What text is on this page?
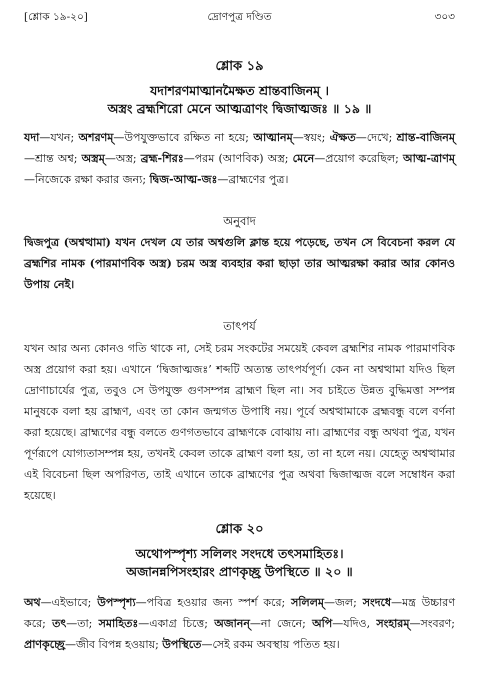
[শ্লোক ১৯-২০]	দ্রোণপুত্র দণ্ডিত	৩০৩
শ্লোক ১৯
যদাশরণমাত্মানমৈক্ষত শ্রান্তবাজিনম্ ।
অস্ত্রং ব্রহ্মশিরো মেনে আত্মত্রাণং দ্বিজাত্মজঃ ॥ ১৯ ॥

যদা—যখন; অশরণম্—উপযুক্তভাবে রক্ষিত না হয়ে; আত্মানম্—স্বয়ং; ঐক্ষত—দেখে; শ্রান্ত-বাজিনম্—শ্রান্ত অশ্ব; অস্ত্রম্—অস্ত্র; ব্রহ্ম-শিরঃ—পরম (আণবিক) অস্ত্র; মেনে—প্রয়োগ করেছিল; আত্ম-ত্রাণম্—নিজেকে রক্ষা করার জন্য; দ্বিজ-আত্ম-জঃ—ব্রাহ্মণের পুত্র।

অনুবাদ

দ্বিজপুত্র (অশ্বত্থামা) যখন দেখল যে তার অশ্বগুলি ক্লান্ত হয়ে পড়েছে, তখন সে বিবেচনা করল যে ব্রহ্মশির নামক (পারমাণবিক অস্ত্র) চরম অস্ত্র ব্যবহার করা ছাড়া তার আত্মরক্ষা করার আর কোনও উপায় নেই।

তাৎপর্য

যখন আর অন্য কোনও গতি থাকে না, সেই চরম সংকটের সময়েই কেবল ব্রহ্মশির নামক পারমাণবিক অস্ত্র প্রয়োগ করা হয়। এখানে ‘দ্বিজাত্মজঃ’ শব্দটি অত্যন্ত তাৎপর্যপূর্ণ। কেন না অশ্বত্থামা যদিও ছিল দ্রোণাচার্যের পুত্র, তবুও সে উপযুক্ত গুণসম্পন্ন ব্রাহ্মণ ছিল না। সব চাইতে উন্নত বুদ্ধিমত্তা সম্পন্ন মানুষকে বলা হয় ব্রাহ্মণ, এবং তা কোন জন্মগত উপাধি নয়। পূর্বে অশ্বত্থামাকে ব্রহ্মবন্ধু বলে বর্ণনা করা হয়েছে। ব্রাহ্মণের বন্ধু বলতে গুণগতভাবে ব্রাহ্মণকে বোঝায় না। ব্রাহ্মণের বন্ধু অথবা পুত্র, যখন পূর্ণরূপে যোগ্যতাসম্পন্ন হয়, তখনই কেবল তাকে ব্রাহ্মণ বলা হয়, তা না হলে নয়। যেহেতু অশ্বত্থামার এই বিবেচনা ছিল অপরিণত, তাই এখানে তাকে ব্রাহ্মণের পুত্র অথবা দ্বিজাত্মজ বলে সম্বোধন করা হয়েছে।

শ্লোক ২০
অথোপস্পৃশ্য সলিলং সংদধে তৎসমাহিতঃ।
অজানন্নপিসংহারং প্রাণকৃচ্ছ্র উপস্থিতে ॥ ২০ ॥

অথ—এইভাবে; উপস্পৃশ্য—পবিত্র হওয়ার জন্য স্পর্শ করে; সলিলম্—জল; সংদধে—মন্ত্র উচ্চারণ করে; তৎ—তা; সমাহিতঃ—একাগ্র চিত্তে; অজানন্—না জেনে; অপি—যদিও, সংহারম্—সংবরণ; প্রাণকৃচ্ছ্রে—জীব বিপন্ন হওয়ায়; উপস্থিতে—সেই রকম অবস্থায় পতিত হয়।
